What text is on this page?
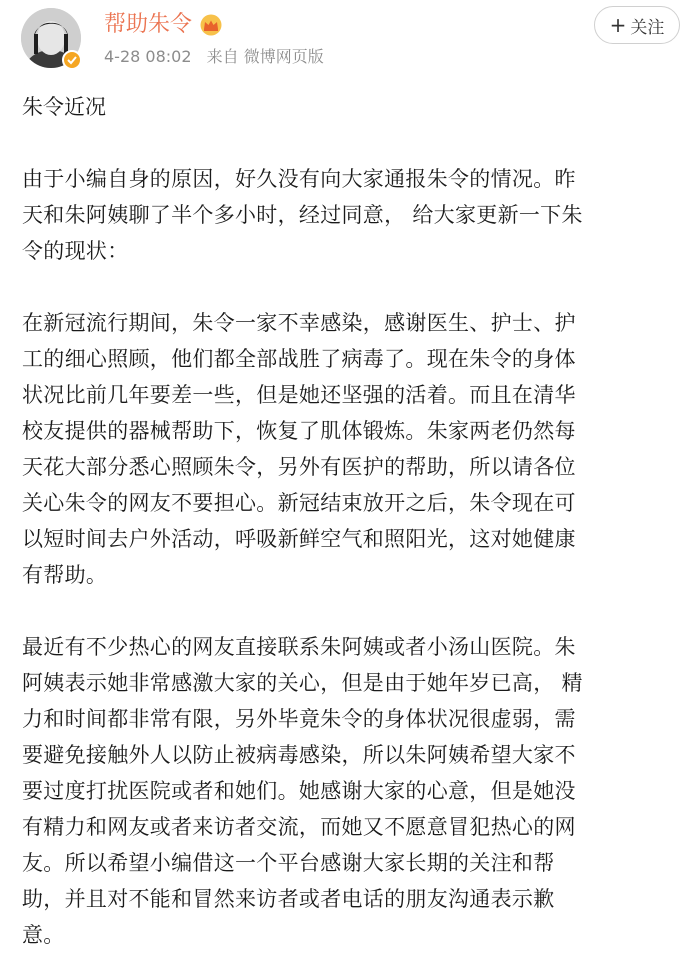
帮助朱令
4-28 08:02 来自 微博网页版
+ 关注

朱令近况

由于小编自身的原因，好久没有向大家通报朱令的情况。昨
天和朱阿姨聊了半个多小时，经过同意， 给大家更新一下朱
令的现状：
在新冠流行期间，朱令一家不幸感染，感谢医生、护士、护
工的细心照顾，他们都全部战胜了病毒了。现在朱令的身体
状况比前几年要差一些，但是她还坚强的活着。而且在清华
校友提供的器械帮助下，恢复了肌体锻炼。朱家两老仍然每
天花大部分悉心照顾朱令，另外有医护的帮助，所以请各位
关心朱令的网友不要担心。新冠结束放开之后，朱令现在可
以短时间去户外活动，呼吸新鲜空气和照阳光，这对她健康
有帮助。
最近有不少热心的网友直接联系朱阿姨或者小汤山医院。朱
阿姨表示她非常感激大家的关心，但是由于她年岁已高， 精
力和时间都非常有限，另外毕竟朱令的身体状况很虚弱，需
要避免接触外人以防止被病毒感染，所以朱阿姨希望大家不
要过度打扰医院或者和她们。她感谢大家的心意，但是她没
有精力和网友或者来访者交流，而她又不愿意冒犯热心的网
友。所以希望小编借这一个平台感谢大家长期的关注和帮
助，并且对不能和冒然来访者或者电话的朋友沟通表示歉
意。
